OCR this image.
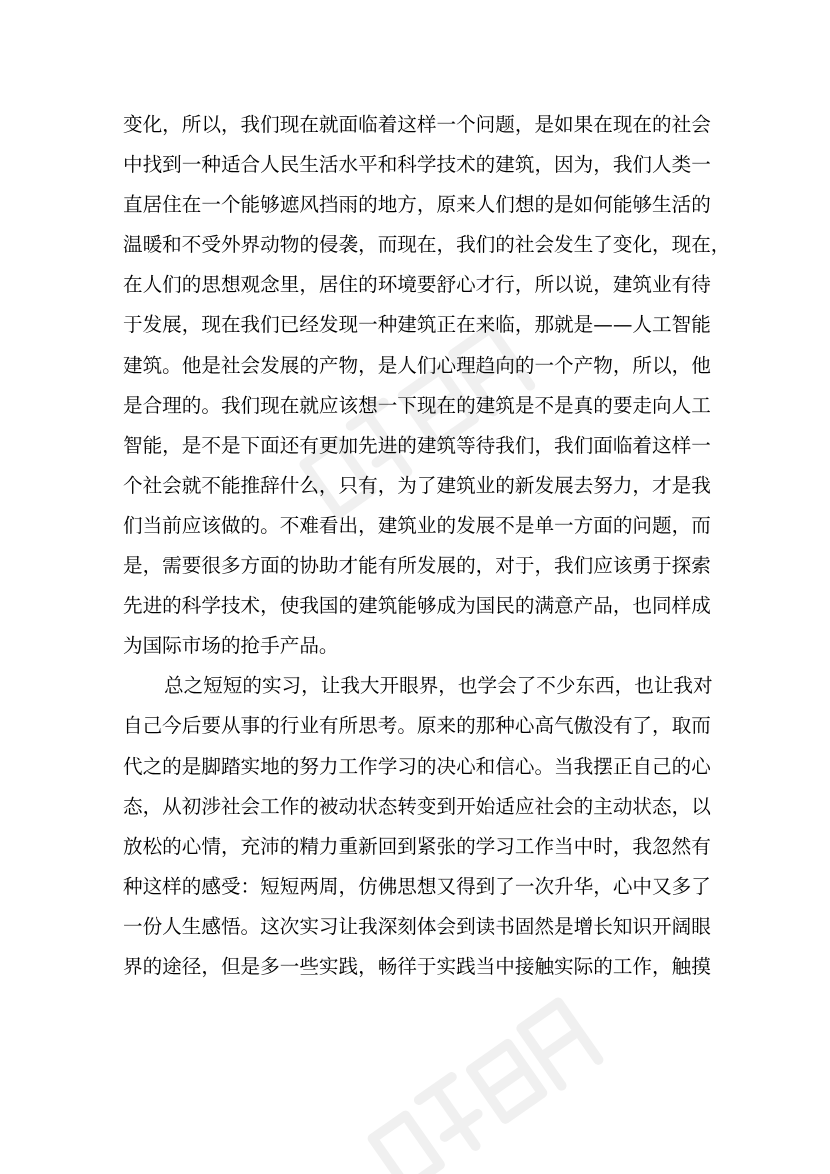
变化，所以，我们现在就面临着这样一个问题，是如果在现在的社会
中找到一种适合人民生活水平和科学技术的建筑，因为，我们人类一
直居住在一个能够遮风挡雨的地方，原来人们想的是如何能够生活的
温暖和不受外界动物的侵袭，而现在，我们的社会发生了变化，现在，
在人们的思想观念里，居住的环境要舒心才行，所以说，建筑业有待
于发展，现在我们已经发现一种建筑正在来临，那就是——人工智能
建筑。他是社会发展的产物，是人们心理趋向的一个产物，所以，他
是合理的。我们现在就应该想一下现在的建筑是不是真的要走向人工
智能，是不是下面还有更加先进的建筑等待我们，我们面临着这样一
个社会就不能推辞什么，只有，为了建筑业的新发展去努力，才是我
们当前应该做的。不难看出，建筑业的发展不是单一方面的问题，而
是，需要很多方面的协助才能有所发展的，对于，我们应该勇于探索
先进的科学技术，使我国的建筑能够成为国民的满意产品，也同样成
为国际市场的抢手产品。
总之短短的实习，让我大开眼界，也学会了不少东西，也让我对
自己今后要从事的行业有所思考。原来的那种心高气傲没有了，取而
代之的是脚踏实地的努力工作学习的决心和信心。当我摆正自己的心
态，从初涉社会工作的被动状态转变到开始适应社会的主动状态，以
放松的心情，充沛的精力重新回到紧张的学习工作当中时，我忽然有
种这样的感受：短短两周，仿佛思想又得到了一次升华，心中又多了
一份人生感悟。这次实习让我深刻体会到读书固然是增长知识开阔眼
界的途径，但是多一些实践，畅徉于实践当中接触实际的工作，触摸
